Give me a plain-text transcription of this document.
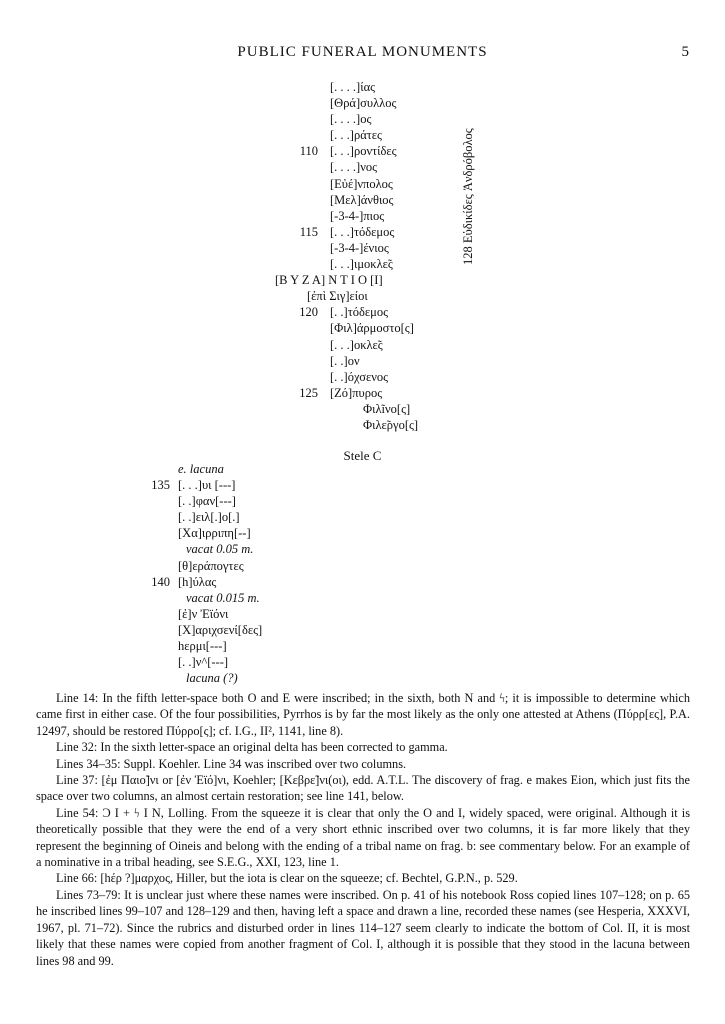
PUBLIC FUNERAL MONUMENTS	5
[. . . .]ίας
[Θρά]συλλος
[. . . .]ος
[. . .]ράτες
110 [. . .]ροντίδες
[. . . .]νος
[Εὐέ]νπολος
[Μελ]άνθιος
[-3-4-]πιος
115 [. . .]τόδεμος
[-3-4-]ένιος
[. . .]ιμοκλε̃ς
[Β Υ Ζ Α] Ν Τ Ι Ο [Ι]
[ἐπὶ Σιγ]είοι
120 [. .]τόδεμος
[Φιλ]άρμοστο[ς]
[. . .]οκλε̃ς
[. .]ον
[. .]όχσενος
125 [Ζό]πυρος
Φιλĩνο[ς]
Φιλε̃ργο[ς]
128 Εὐδικίδες Ἀνδρόβολος
Stele C
e. lacuna
135 [. . .]υι [---]
[. .]φαν[---]
[. .]ειλ[.]ο[.]
[Χα]ιρριπη[--]
vacat 0.05 m.
[θ]εράπογτες
140 [h]ύλας
vacat 0.015 m.
[ἐ]ν Ἐϊόνι
[Χ]αριχσενί[δες]
hερμι[---]
[. .]ν^[---]
lacuna (?)

Line 14: In the fifth letter-space both O and E were inscribed; in the sixth, both N and ϟ; it is impossible to determine which came first in either case. Of the four possibilities, Pyrrhos is by far the most likely as the only one attested at Athens (Πύρρ[ες], P.A. 12497, should be restored Πύρρο[ς]; cf. I.G., II², 1141, line 8).

Line 32: In the sixth letter-space an original delta has been corrected to gamma.

Lines 34–35: Suppl. Koehler. Line 34 was inscribed over two columns.

Line 37: [ἐμ Παιο̃]νι or [ἐν Ἐϊό]νι, Koehler; [Κεβρε̃]νι(οι), edd. A.T.L. The discovery of frag. e makes Eion, which just fits the space over two columns, an almost certain restoration; see line 141, below.

Line 54: Ɔ I + ϟ I N, Lolling. From the squeeze it is clear that only the O and I, widely spaced, were original. Although it is theoretically possible that they were the end of a very short ethnic inscribed over two columns, it is far more likely that they represent the beginning of Oineis and belong with the ending of a tribal name on frag. b: see commentary below. For an example of a nominative in a tribal heading, see S.E.G., XXI, 123, line 1.

Line 66: [hέρ ?]μαρχος, Hiller, but the iota is clear on the squeeze; cf. Bechtel, G.P.N., p. 529.

Lines 73–79: It is unclear just where these names were inscribed. On p. 41 of his notebook Ross copied lines 107–128; on p. 65 he inscribed lines 99–107 and 128–129 and then, having left a space and drawn a line, recorded these names (see Hesperia, XXXVI, 1967, pl. 71–72). Since the rubrics and disturbed order in lines 114–127 seem clearly to indicate the bottom of Col. II, it is most likely that these names were copied from another fragment of Col. I, although it is possible that they stood in the lacuna between lines 98 and 99.
